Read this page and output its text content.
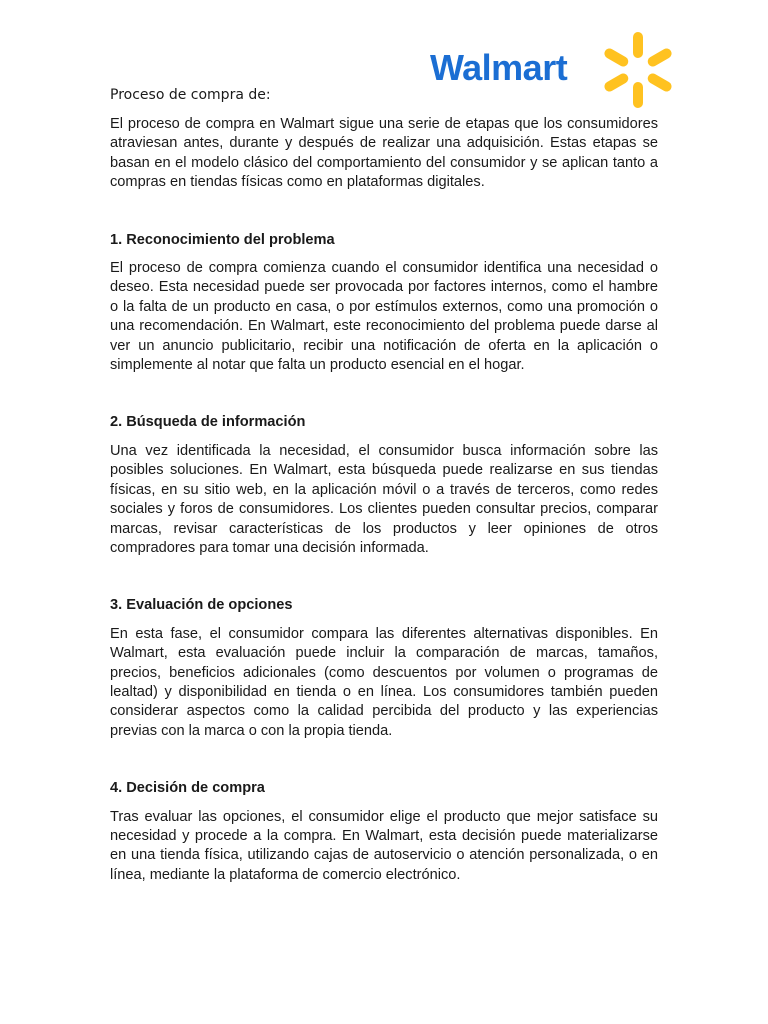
Walmart
Proceso de compra de:

El proceso de compra en Walmart sigue una serie de etapas que los consumidores atraviesan antes, durante y después de realizar una adquisición. Estas etapas se basan en el modelo clásico del comportamiento del consumidor y se aplican tanto a compras en tiendas físicas como en plataformas digitales.

1. Reconocimiento del problema

El proceso de compra comienza cuando el consumidor identifica una necesidad o deseo. Esta necesidad puede ser provocada por factores internos, como el hambre o la falta de un producto en casa, o por estímulos externos, como una promoción o una recomendación. En Walmart, este reconocimiento del problema puede darse al ver un anuncio publicitario, recibir una notificación de oferta en la aplicación o simplemente al notar que falta un producto esencial en el hogar.

2. Búsqueda de información

Una vez identificada la necesidad, el consumidor busca información sobre las posibles soluciones. En Walmart, esta búsqueda puede realizarse en sus tiendas físicas, en su sitio web, en la aplicación móvil o a través de terceros, como redes sociales y foros de consumidores. Los clientes pueden consultar precios, comparar marcas, revisar características de los productos y leer opiniones de otros compradores para tomar una decisión informada.

3. Evaluación de opciones

En esta fase, el consumidor compara las diferentes alternativas disponibles. En Walmart, esta evaluación puede incluir la comparación de marcas, tamaños, precios, beneficios adicionales (como descuentos por volumen o programas de lealtad) y disponibilidad en tienda o en línea. Los consumidores también pueden considerar aspectos como la calidad percibida del producto y las experiencias previas con la marca o con la propia tienda.

4. Decisión de compra

Tras evaluar las opciones, el consumidor elige el producto que mejor satisface su necesidad y procede a la compra. En Walmart, esta decisión puede materializarse en una tienda física, utilizando cajas de autoservicio o atención personalizada, o en línea, mediante la plataforma de comercio electrónico.
